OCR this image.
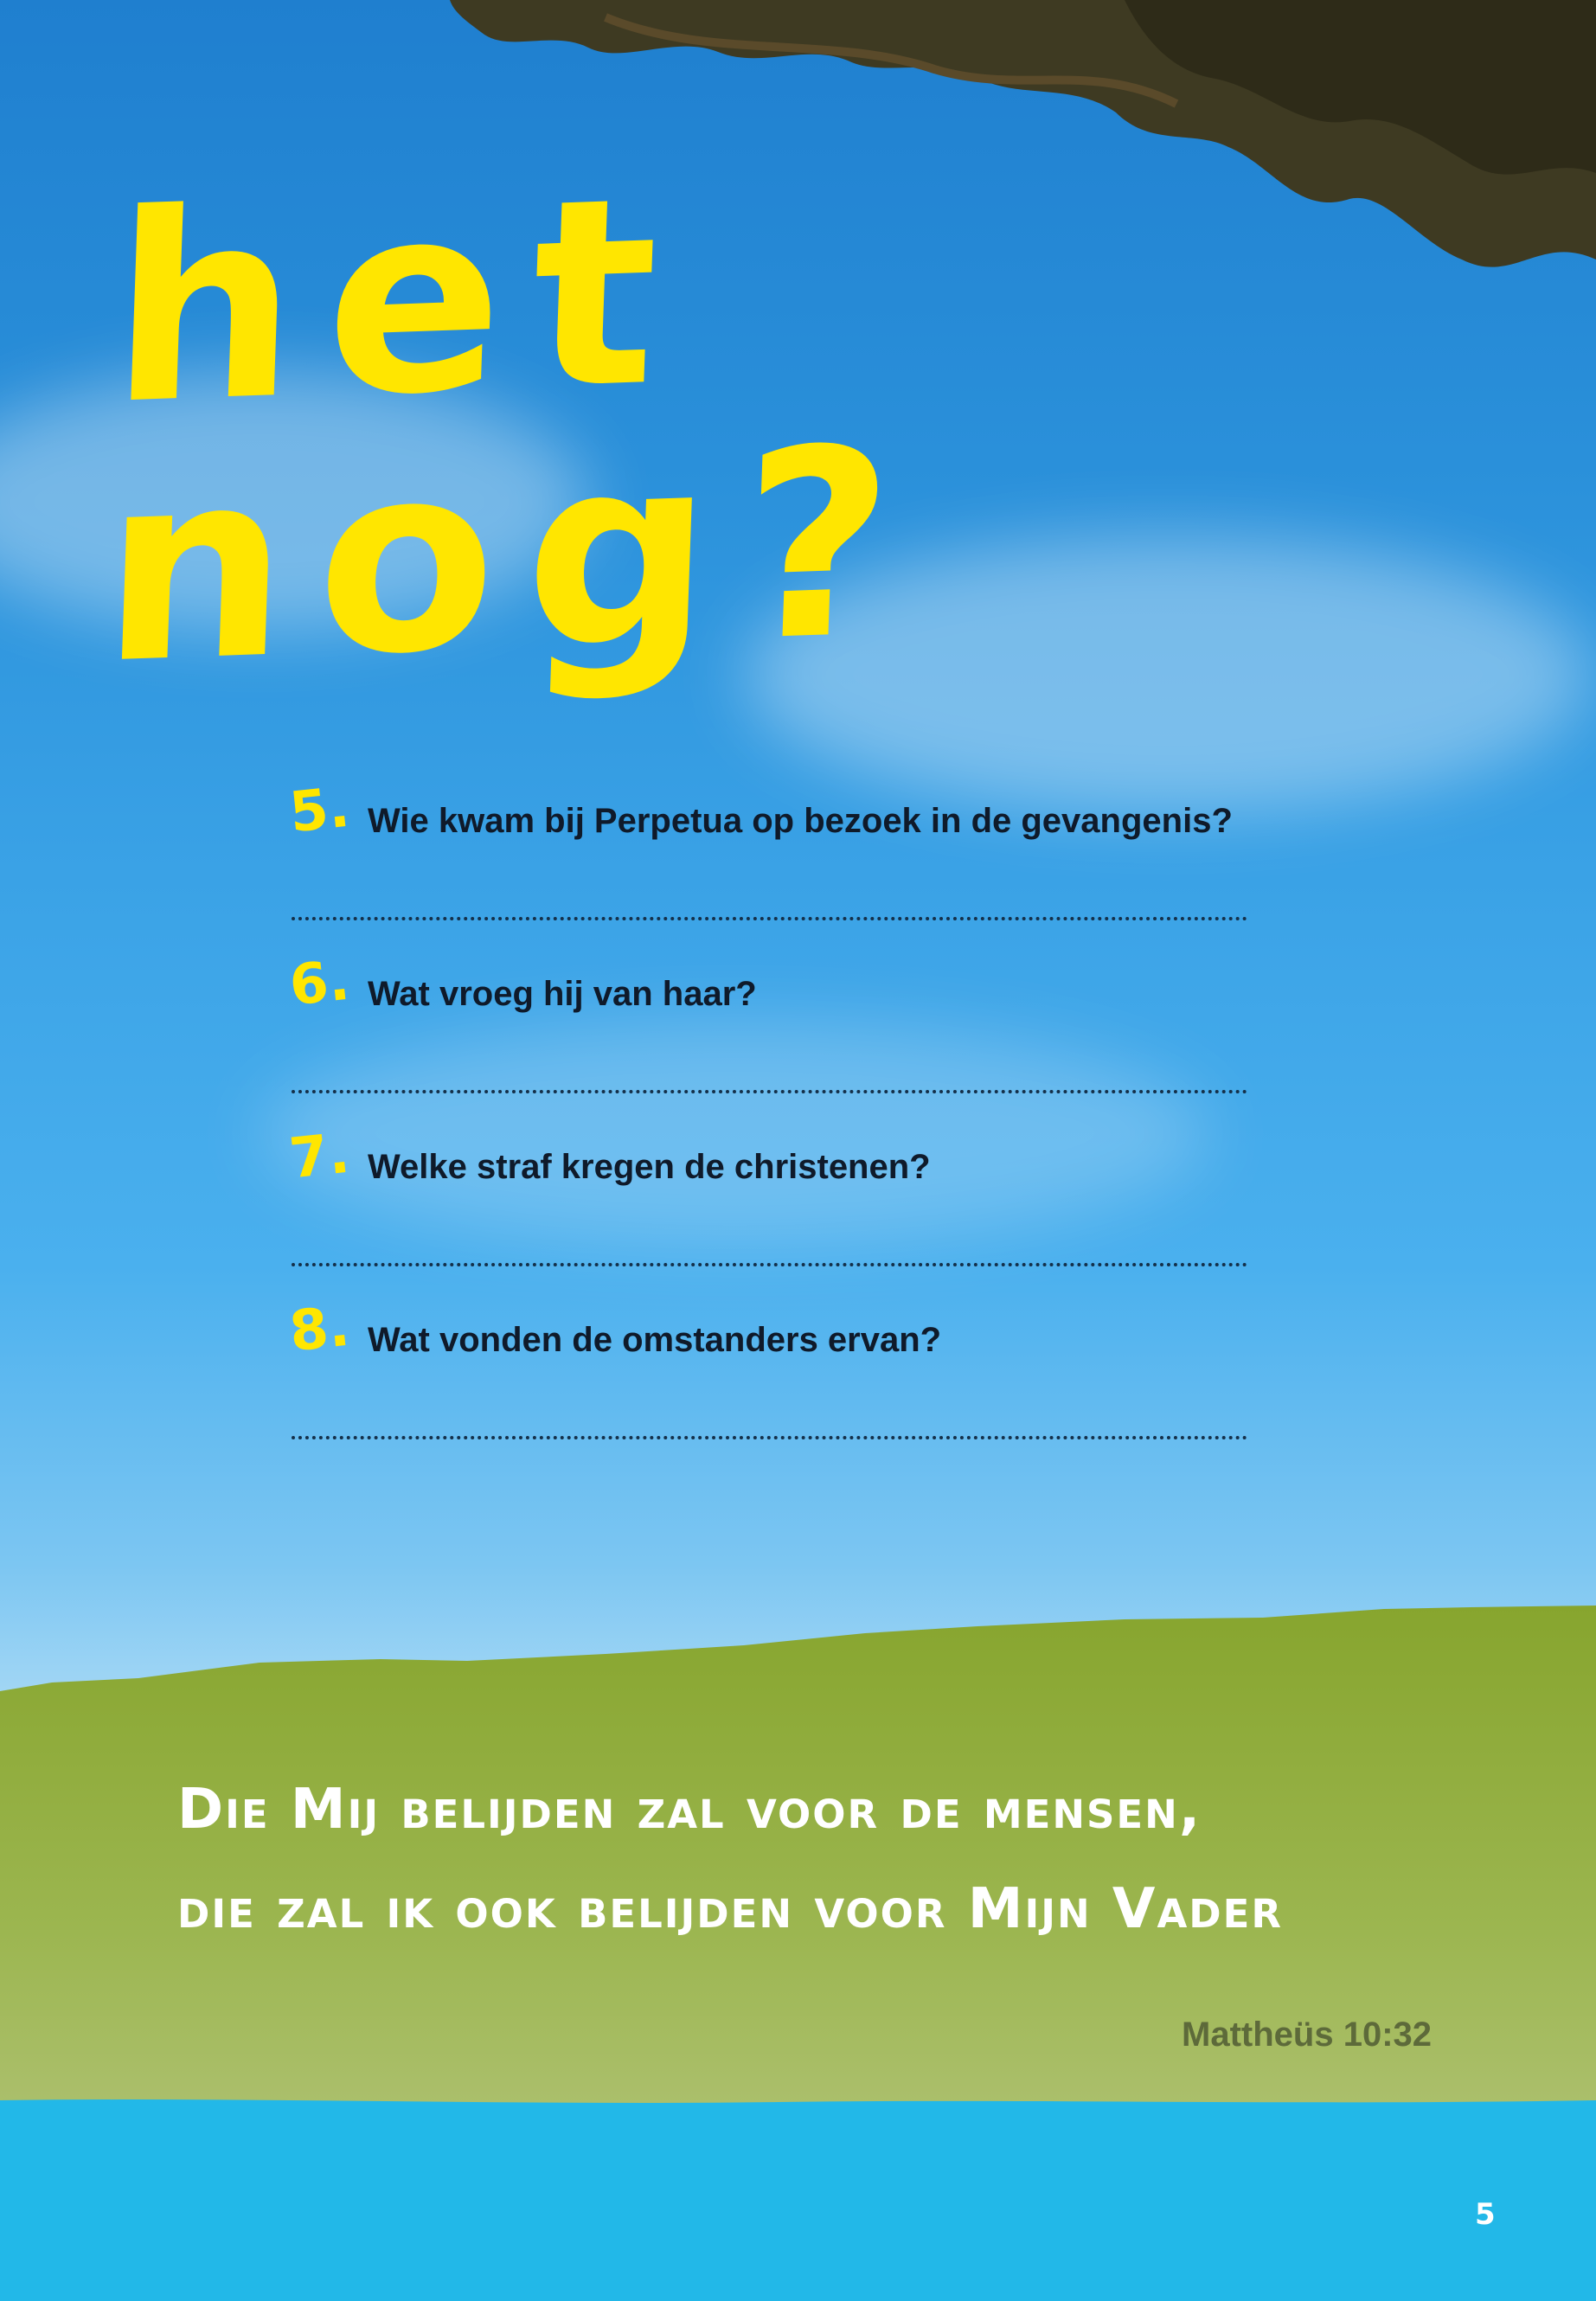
het nog?
5. Wie kwam bij Perpetua op bezoek in de gevangenis?
6. Wat vroeg hij van haar?
7. Welke straf kregen de christenen?
8. Wat vonden de omstanders ervan?

Die Mij belijden zal voor de mensen,
die zal ik ook belijden voor Mijn Vader

Mattheüs 10:32
5
